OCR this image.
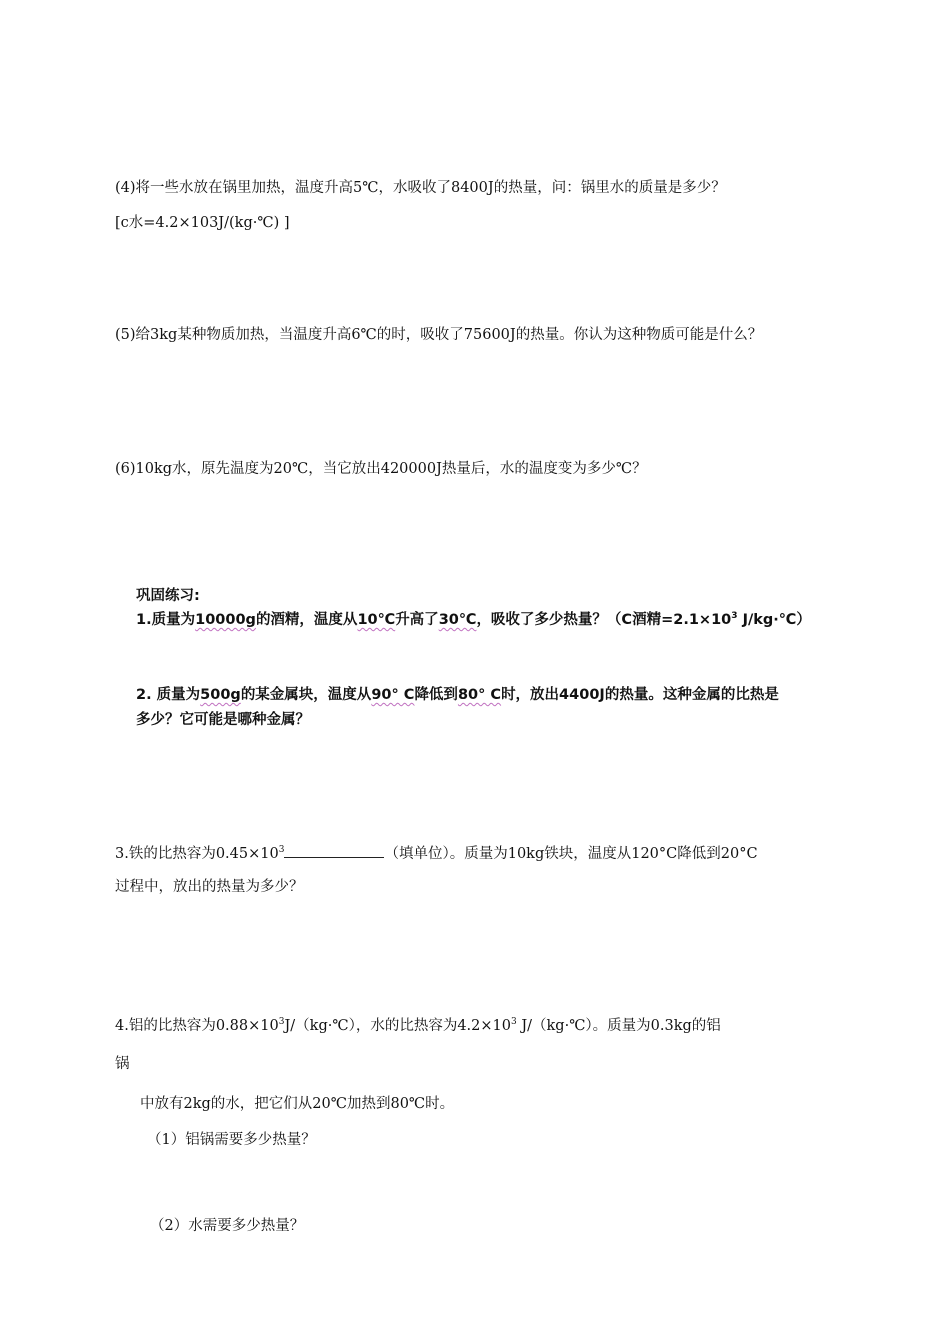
(4)将一些水放在锅里加热，温度升高5℃，水吸收了8400J的热量，问：锅里水的质量是多少？
[c水=4.2×103J/(kg·℃) ]
(5)给3kg某种物质加热，当温度升高6℃的时，吸收了75600J的热量。你认为这种物质可能是什么？
(6)10kg水，原先温度为20℃，当它放出420000J热量后，水的温度变为多少℃？
巩固练习:
1.质量为10000g的酒精，温度从10℃升高了30℃，吸收了多少热量？（C酒精$=2.1\times 10^3$ J/kg·℃）
2. 质量为500g的某金属块，温度从90° C降低到80° C时，放出4400J的热量。这种金属的比热是
多少？它可能是哪种金属？
3.铁的比热容为$0.45\times 10^3$	（填单位）。质量为10kg铁块，温度从120°C降低到20°C
过程中，放出的热量为多少？
4.铝的比热容为$0.88\times 10^3J/(kg\cdot℃)$，水的比热容为$4.2\times 10^3$ J/（kg·℃）。质量为0.3kg的铝
锅
中放有2kg的水，把它们从20℃加热到80℃时。
（1）铝锅需要多少热量？
（2）水需要多少热量？
